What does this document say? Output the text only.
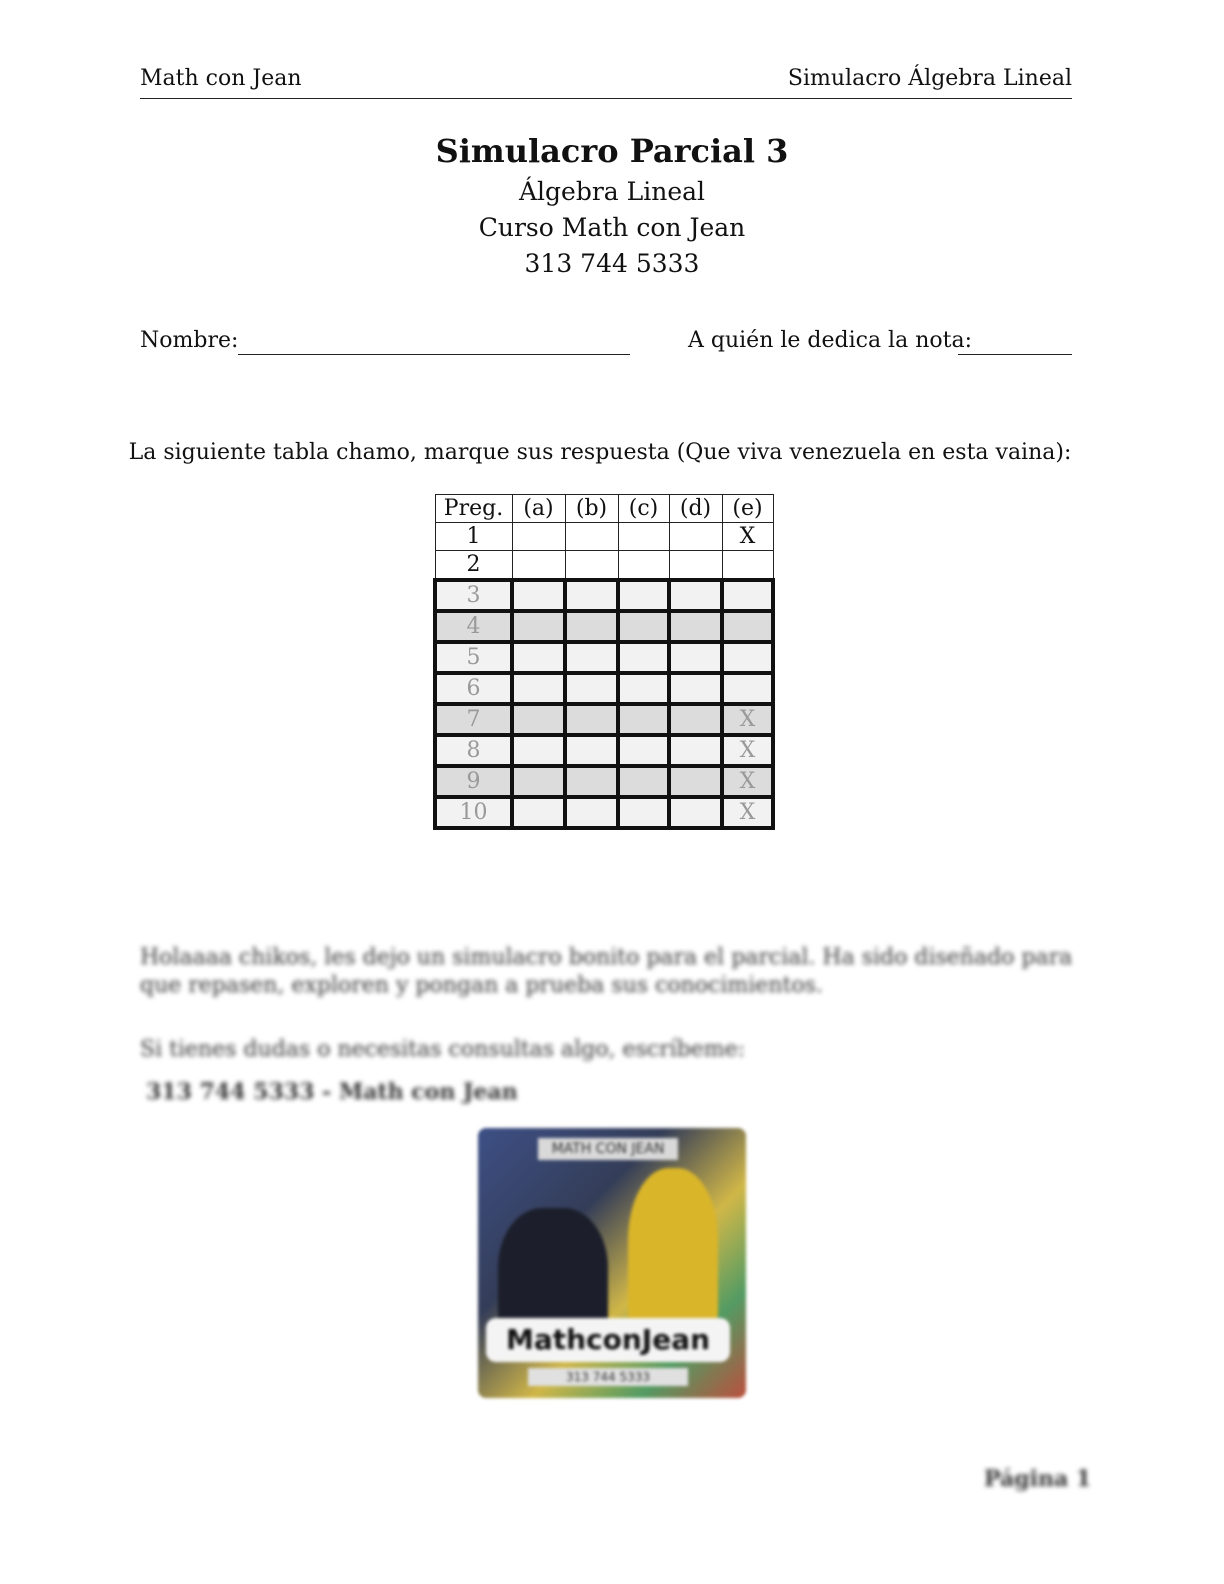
Math con Jean	Simulacro Álgebra Lineal
Simulacro Parcial 3
Álgebra Lineal
Curso Math con Jean
313 744 5333
Nombre:	A quién le dedica la nota:
La siguiente tabla chamo, marque sus respuesta (Que viva venezuela en esta vaina):
Preg.	(a)	(b)	(c)	(d)	(e)
1					X
2					
3					
4					
5					
6					
7					X
8					X
9					X
10					X
Holaaaa chikos, les dejo un simulacro bonito para el parcial. Ha sido diseñado para que repasen, exploren y pongan a prueba sus conocimientos.
Si tienes dudas o necesitas consultas algo, escríbeme:
313 744 5333 - Math con Jean
MATH CON JEAN
MathconJean
313 744 5333
Página 1
